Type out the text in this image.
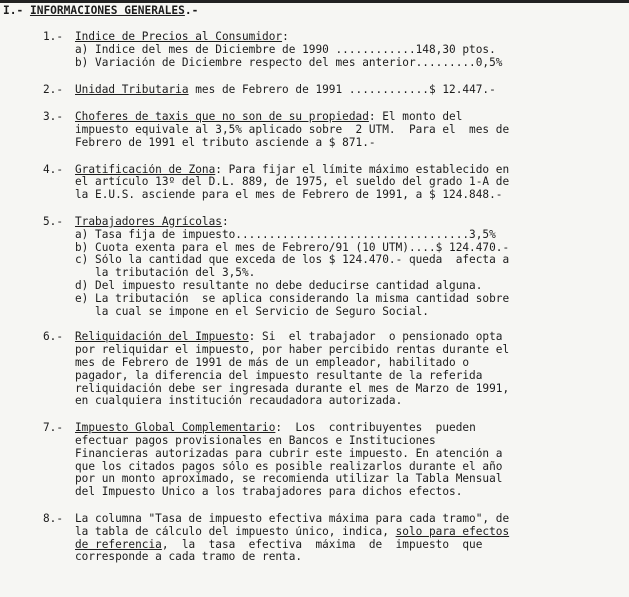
I.- INFORMACIONES GENERALES.-
1.- Indice de Precios al Consumidor:
a) Indice del mes de Diciembre de 1990 ............148,30 ptos.
b) Variación de Diciembre respecto del mes anterior.........0,5%
2.- Unidad Tributaria mes de Febrero de 1991 ............$ 12.447.-
3.- Choferes de taxis que no son de su propiedad: El monto del
impuesto equivale al 3,5% aplicado sobre  2 UTM.  Para el  mes de
Febrero de 1991 el tributo asciende a $ 871.-
4.- Gratificación de Zona: Para fijar el límite máximo establecido en
el artículo 13º del D.L. 889, de 1975, el sueldo del grado 1-A de
la E.U.S. asciende para el mes de Febrero de 1991, a $ 124.848.-
5.- Trabajadores Agrícolas:
a) Tasa fija de impuesto...................................3,5%
b) Cuota exenta para el mes de Febrero/91 (10 UTM)....$ 124.470.-
c) Sólo la cantidad que exceda de los $ 124.470.- queda  afecta a
la tributación del 3,5%.
d) Del impuesto resultante no debe deducirse cantidad alguna.
e) La tributación  se aplica considerando la misma cantidad sobre
la cual se impone en el Servicio de Seguro Social.
6.- Reliquidación del Impuesto: Si  el trabajador  o pensionado opta
por reliquidar el impuesto, por haber percibido rentas durante el
mes de Febrero de 1991 de más de un empleador, habilitado o
pagador, la diferencia del impuesto resultante de la referida
reliquidación debe ser ingresada durante el mes de Marzo de 1991,
en cualquiera institución recaudadora autorizada.
7.- Impuesto Global Complementario:  Los  contribuyentes  pueden
efectuar pagos provisionales en Bancos e Instituciones
Financieras autorizadas para cubrir este impuesto. En atención a
que los citados pagos sólo es posible realizarlos durante el año
por un monto aproximado, se recomienda utilizar la Tabla Mensual
del Impuesto Unico a los trabajadores para dichos efectos.
8.- La columna "Tasa de impuesto efectiva máxima para cada tramo", de
la tabla de cálculo del impuesto único, indica, solo para efectos
de referencia,  la  tasa  efectiva  máxima  de  impuesto  que
corresponde a cada tramo de renta.
